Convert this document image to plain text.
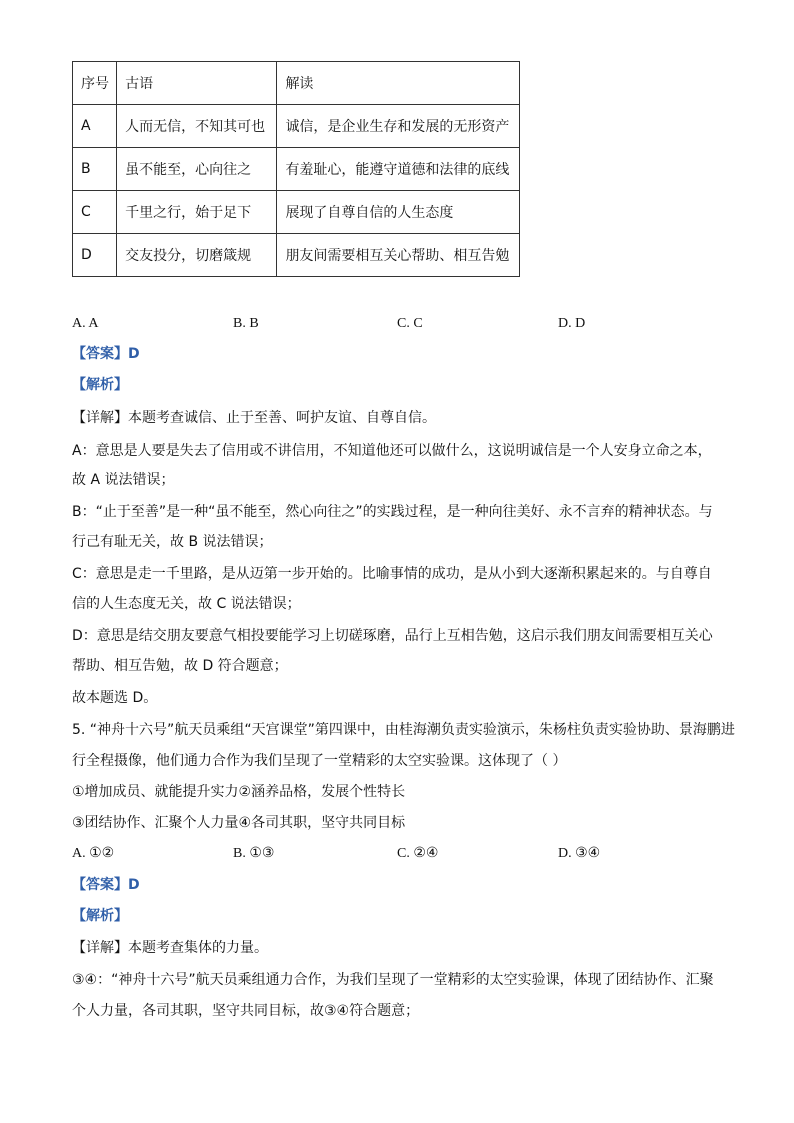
序号	古语	解读
A	人而无信，不知其可也	诚信，是企业生存和发展的无形资产
B	虽不能至，心向往之	有羞耻心，能遵守道德和法律的底线
C	千里之行，始于足下	展现了自尊自信的人生态度
D	交友投分，切磨箴规	朋友间需要相互关心帮助、相互告勉
A. A	B. B	C. C	D. D
【答案】D
【解析】
【详解】本题考查诚信、止于至善、呵护友谊、自尊自信。
A：意思是人要是失去了信用或不讲信用，不知道他还可以做什么，这说明诚信是一个人安身立命之本，
故 A 说法错误；
B：“止于至善”是一种“虽不能至，然心向往之”的实践过程，是一种向往美好、永不言弃的精神状态。与
行己有耻无关，故 B 说法错误；
C：意思是走一千里路，是从迈第一步开始的。比喻事情的成功，是从小到大逐渐积累起来的。与自尊自
信的人生态度无关，故 C 说法错误；
D：意思是结交朋友要意气相投要能学习上切磋琢磨，品行上互相告勉，这启示我们朋友间需要相互关心
帮助、相互告勉，故 D 符合题意；
故本题选 D。
5. “神舟十六号”航天员乘组“天宫课堂”第四课中，由桂海潮负责实验演示，朱杨柱负责实验协助、景海鹏进
行全程摄像，他们通力合作为我们呈现了一堂精彩的太空实验课。这体现了（ ）
①增加成员、就能提升实力②涵养品格，发展个性特长
③团结协作、汇聚个人力量④各司其职，坚守共同目标
A. ①②	B. ①③	C. ②④	D. ③④
【答案】D
【解析】
【详解】本题考查集体的力量。
③④：“神舟十六号”航天员乘组通力合作，为我们呈现了一堂精彩的太空实验课，体现了团结协作、汇聚
个人力量，各司其职，坚守共同目标，故③④符合题意；
